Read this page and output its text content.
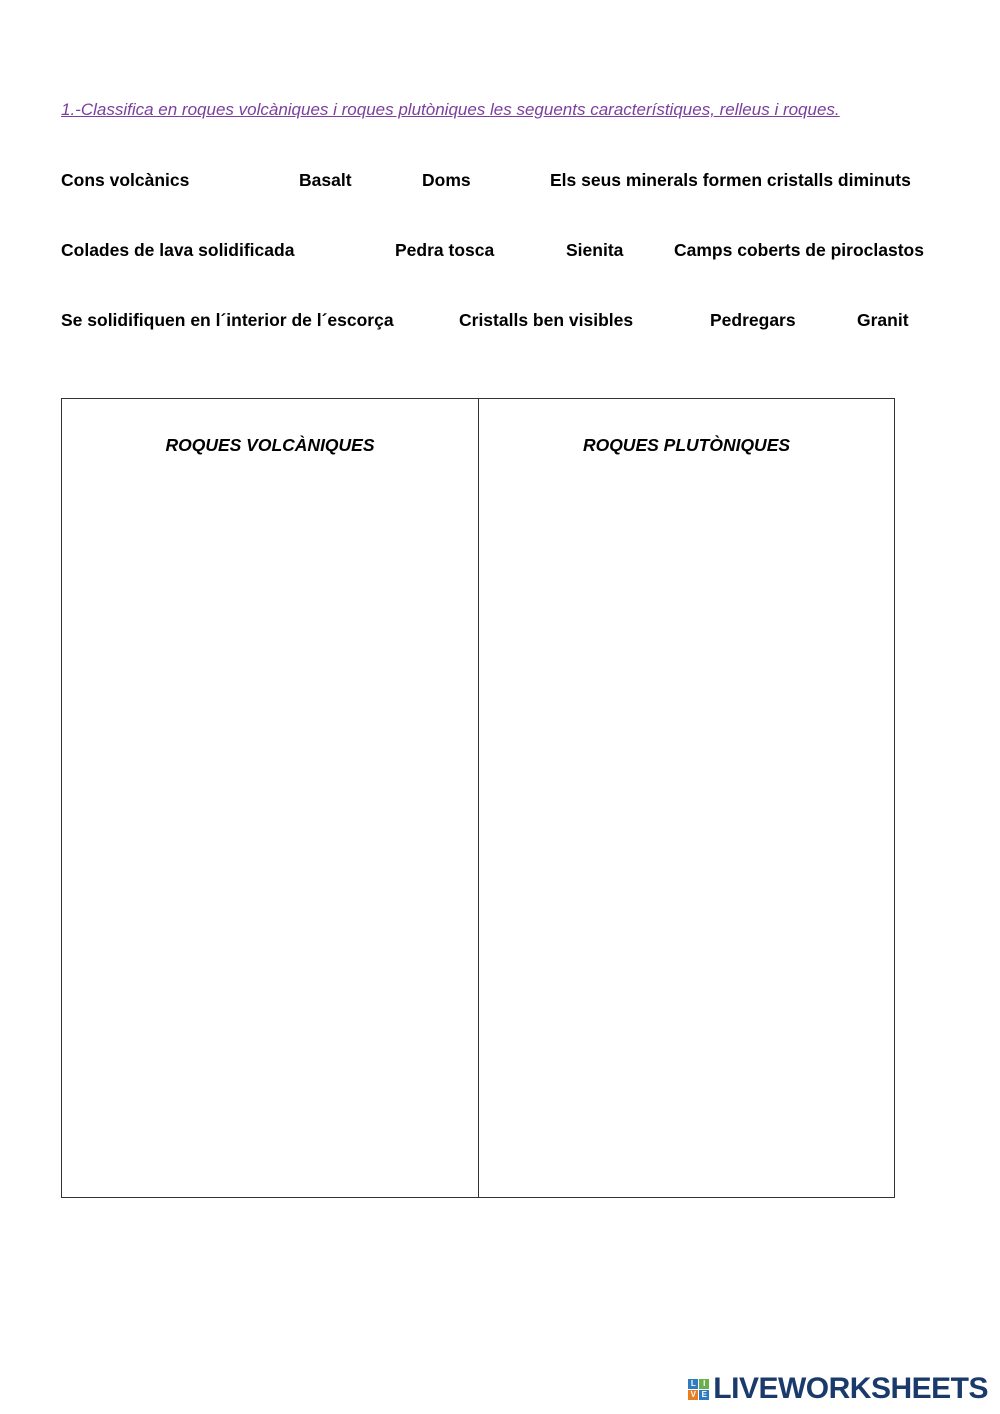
1.-Classifica en roques volcàniques i roques plutòniques les seguents característiques, relleus i roques.
Cons volcànics	Basalt	Doms	Els seus minerals formen cristalls diminuts
Colades de lava solidificada	Pedra tosca	Sienita	Camps coberts de piroclastos
Se solidifiquen en l´interior de l´escorça	Cristalls ben visibles	Pedregars	Granit
ROQUES VOLCÀNIQUES	ROQUES PLUTÒNIQUES
L I
V E LIVEWORKSHEETS
